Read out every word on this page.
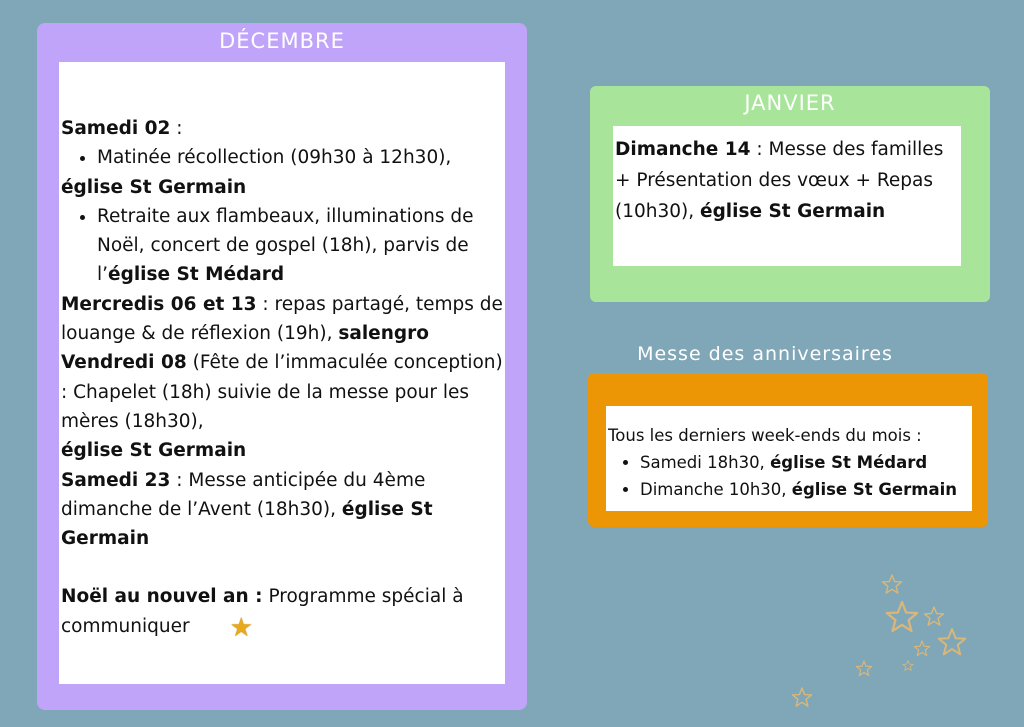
DÉCEMBRE

Samedi 02 :

• Matinée récollection (09h30 à 12h30),

église St Germain

• Retraite aux flambeaux, illuminations de Noël, concert de gospel (18h), parvis de l’église St Médard

Mercredis 06 et 13 : repas partagé, temps de louange & de réflexion (19h), salengro

Vendredi 08 (Fête de l’immaculée conception) : Chapelet (18h) suivie de la messe pour les mères (18h30),

église St Germain

Samedi 23 : Messe anticipée du 4ème dimanche de l’Avent (18h30), église St Germain

Noël au nouvel an : Programme spécial à communiquer ★

JANVIER

Dimanche 14 : Messe des familles + Présentation des vœux + Repas (10h30), église St Germain

Messe des anniversaires

Tous les derniers week-ends du mois :

• Samedi 18h30, église St Médard
• Dimanche 10h30, église St Germain
